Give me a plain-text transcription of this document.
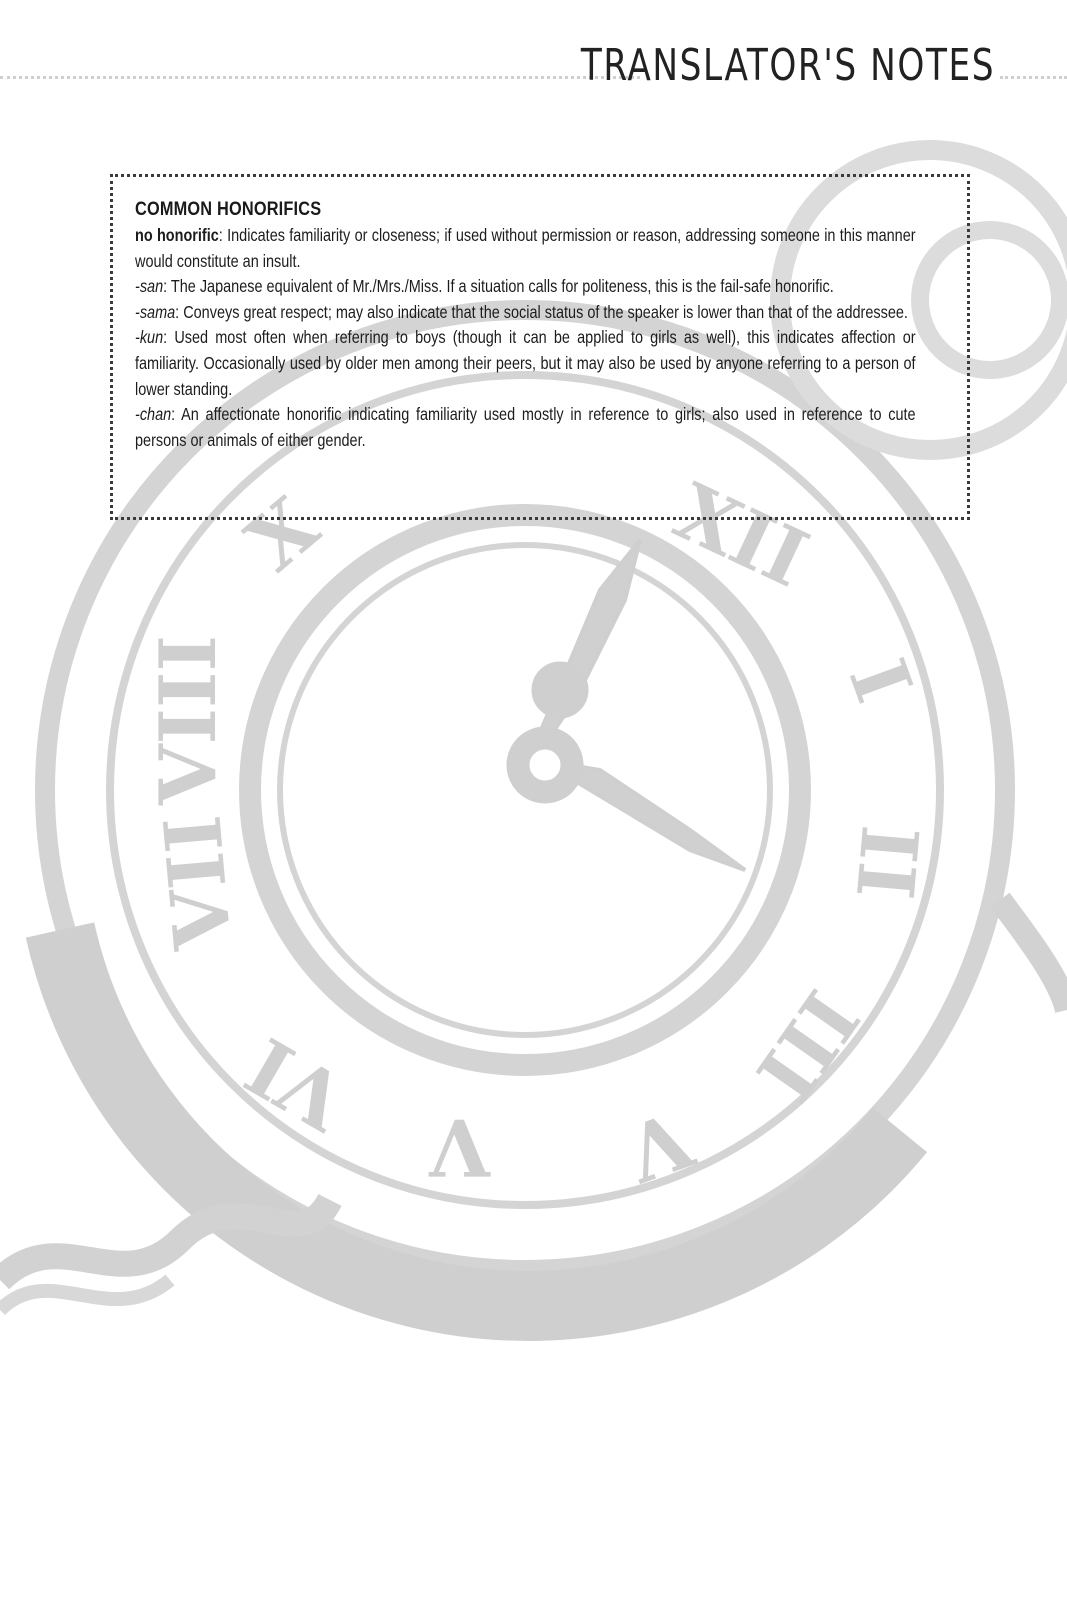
XII
I
II
III
V
V
VI
VII
VIII
X
TRANSLATOR'S NOTES
COMMON HONORIFICS

no honorific: Indicates familiarity or closeness; if used without permission or reason, addressing someone in this manner would constitute an insult.

-san: The Japanese equivalent of Mr./Mrs./Miss. If a situation calls for politeness, this is the fail-safe honorific.

-sama: Conveys great respect; may also indicate that the social status of the speaker is lower than that of the addressee.

-kun: Used most often when referring to boys (though it can be applied to girls as well), this indicates affection or familiarity. Occasionally used by older men among their peers, but it may also be used by anyone referring to a person of lower standing.

-chan: An affectionate honorific indicating familiarity used mostly in reference to girls; also used in reference to cute persons or animals of either gender.
